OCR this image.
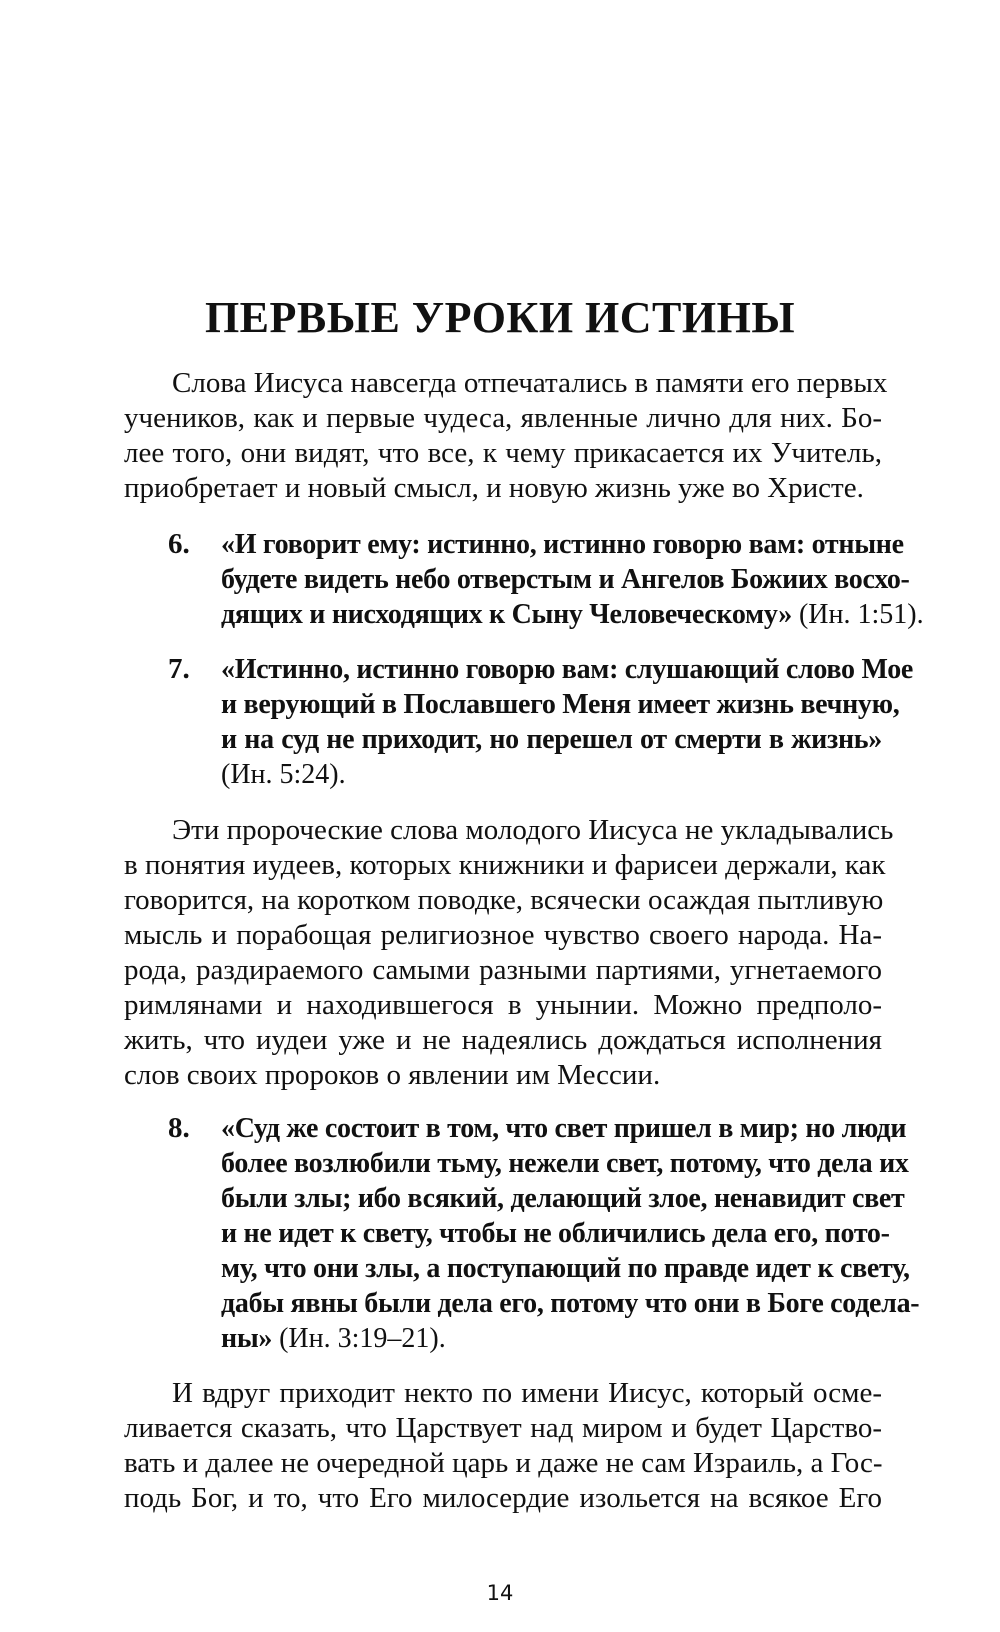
ПЕРВЫЕ УРОКИ ИСТИНЫ
Слова Иисуса навсегда отпечатались в памяти его первых
учеников, как и первые чудеса, явленные лично для них. Бо-
лее того, они видят, что все, к чему прикасается их Учитель,
приобретает и новый смысл, и новую жизнь уже во Христе.
6. «И говорит ему: истинно, истинно говорю вам: отныне
будете видеть небо отверстым и Ангелов Божиих восхо-
дящих и нисходящих к Сыну Человеческому» (Ин. 1:51).
7. «Истинно, истинно говорю вам: слушающий слово Мое
и верующий в Пославшего Меня имеет жизнь вечную,
и на суд не приходит, но перешел от смерти в жизнь»
(Ин. 5:24).
Эти пророческие слова молодого Иисуса не укладывались
в понятия иудеев, которых книжники и фарисеи держали, как
говорится, на коротком поводке, всячески осаждая пытливую
мысль и порабощая религиозное чувство своего народа. На-
рода, раздираемого самыми разными партиями, угнетаемого
римлянами и находившегося в унынии. Можно предполо-
жить, что иудеи уже и не надеялись дождаться исполнения
слов своих пророков о явлении им Мессии.
8. «Суд же состоит в том, что свет пришел в мир; но люди
более возлюбили тьму, нежели свет, потому, что дела их
были злы; ибо всякий, делающий злое, ненавидит свет
и не идет к свету, чтобы не обличились дела его, пото-
му, что они злы, а поступающий по правде идет к свету,
дабы явны были дела его, потому что они в Боге содела-
ны» (Ин. 3:19–21).
И вдруг приходит некто по имени Иисус, который осме-
ливается сказать, что Царствует над миром и будет Царство-
вать и далее не очередной царь и даже не сам Израиль, а Гос-
подь Бог, и то, что Его милосердие изольется на всякое Его
14
